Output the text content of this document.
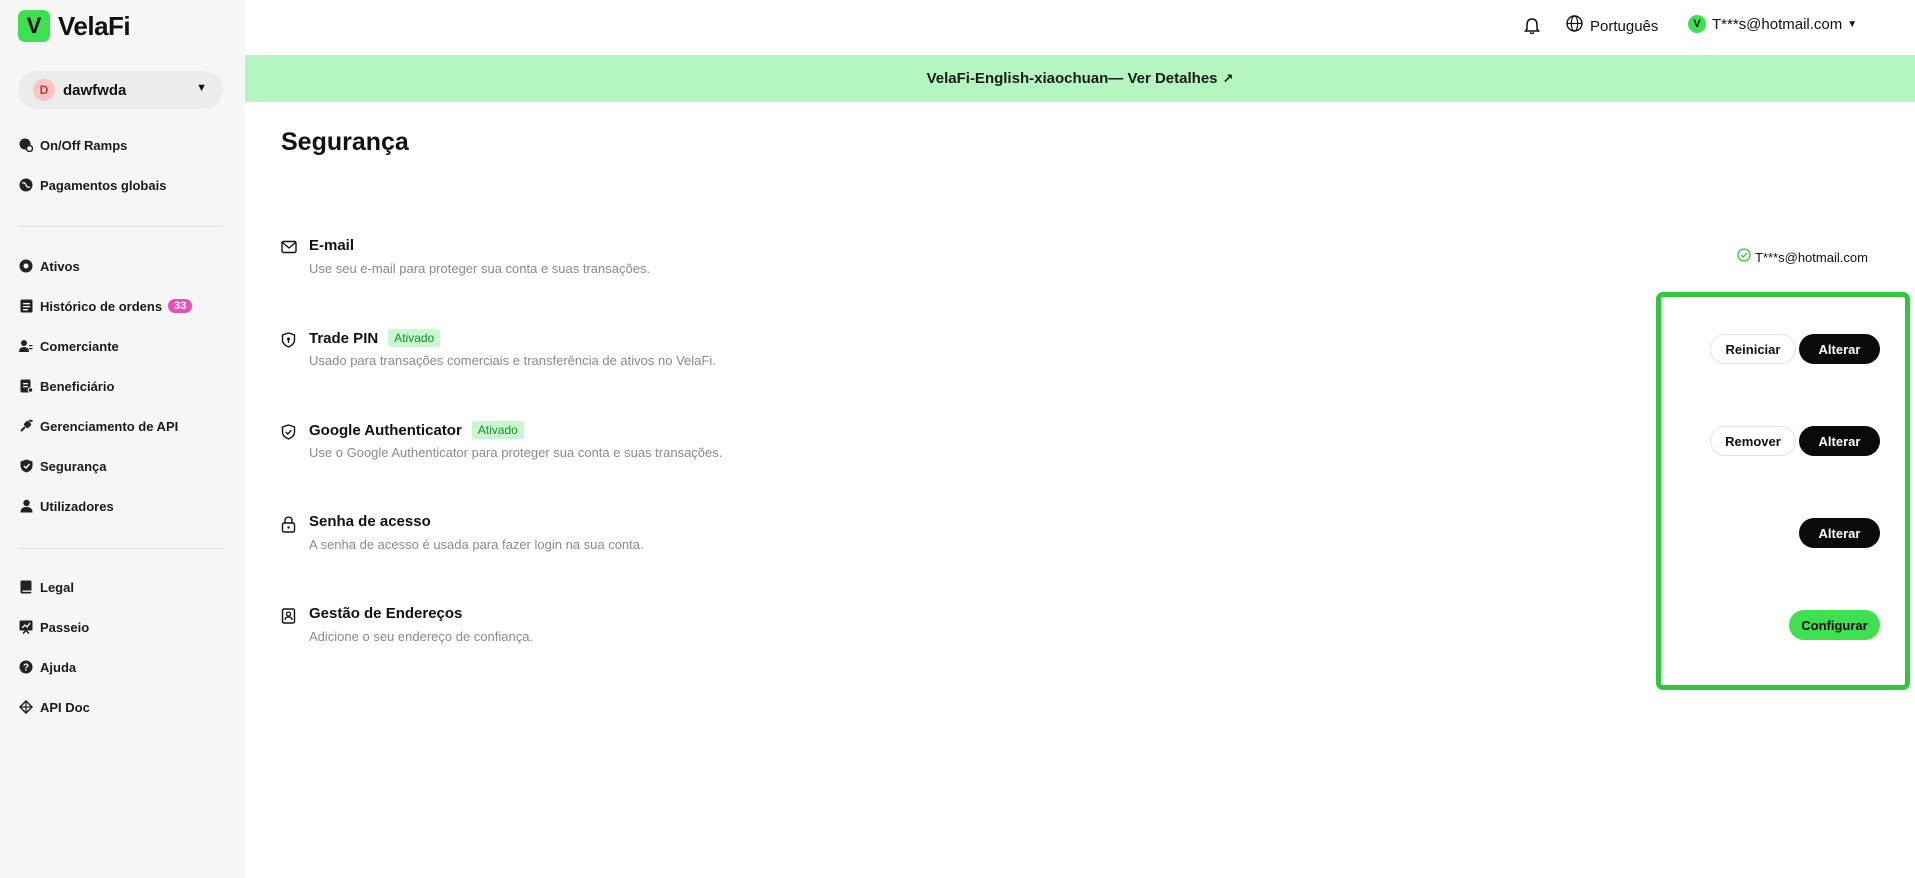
V VelaFi
D dawfwda	▼
On/Off Ramps
Pagamentos globais
Ativos
Histórico de ordens	33
Comerciante
Beneficiário
Gerenciamento de API
Segurança
Utilizadores
Legal
Passeio
? Ajuda
API Doc
Português	V T***s@hotmail.com ▼
VelaFi-English-xiaochuan— Ver Detalhes ↗
Segurança
E-mail
Use seu e-mail para proteger sua conta e suas transações.
T***s@hotmail.com
Trade PIN	Ativado
Usado para transações comerciais e transferência de ativos no VelaFi.
Reiniciar	Alterar
Google Authenticator	Ativado
Use o Google Authenticator para proteger sua conta e suas transações.
Remover	Alterar
Senha de acesso
A senha de acesso é usada para fazer login na sua conta.
Alterar
Gestão de Endereços
Adicione o seu endereço de confiança.
Configurar
